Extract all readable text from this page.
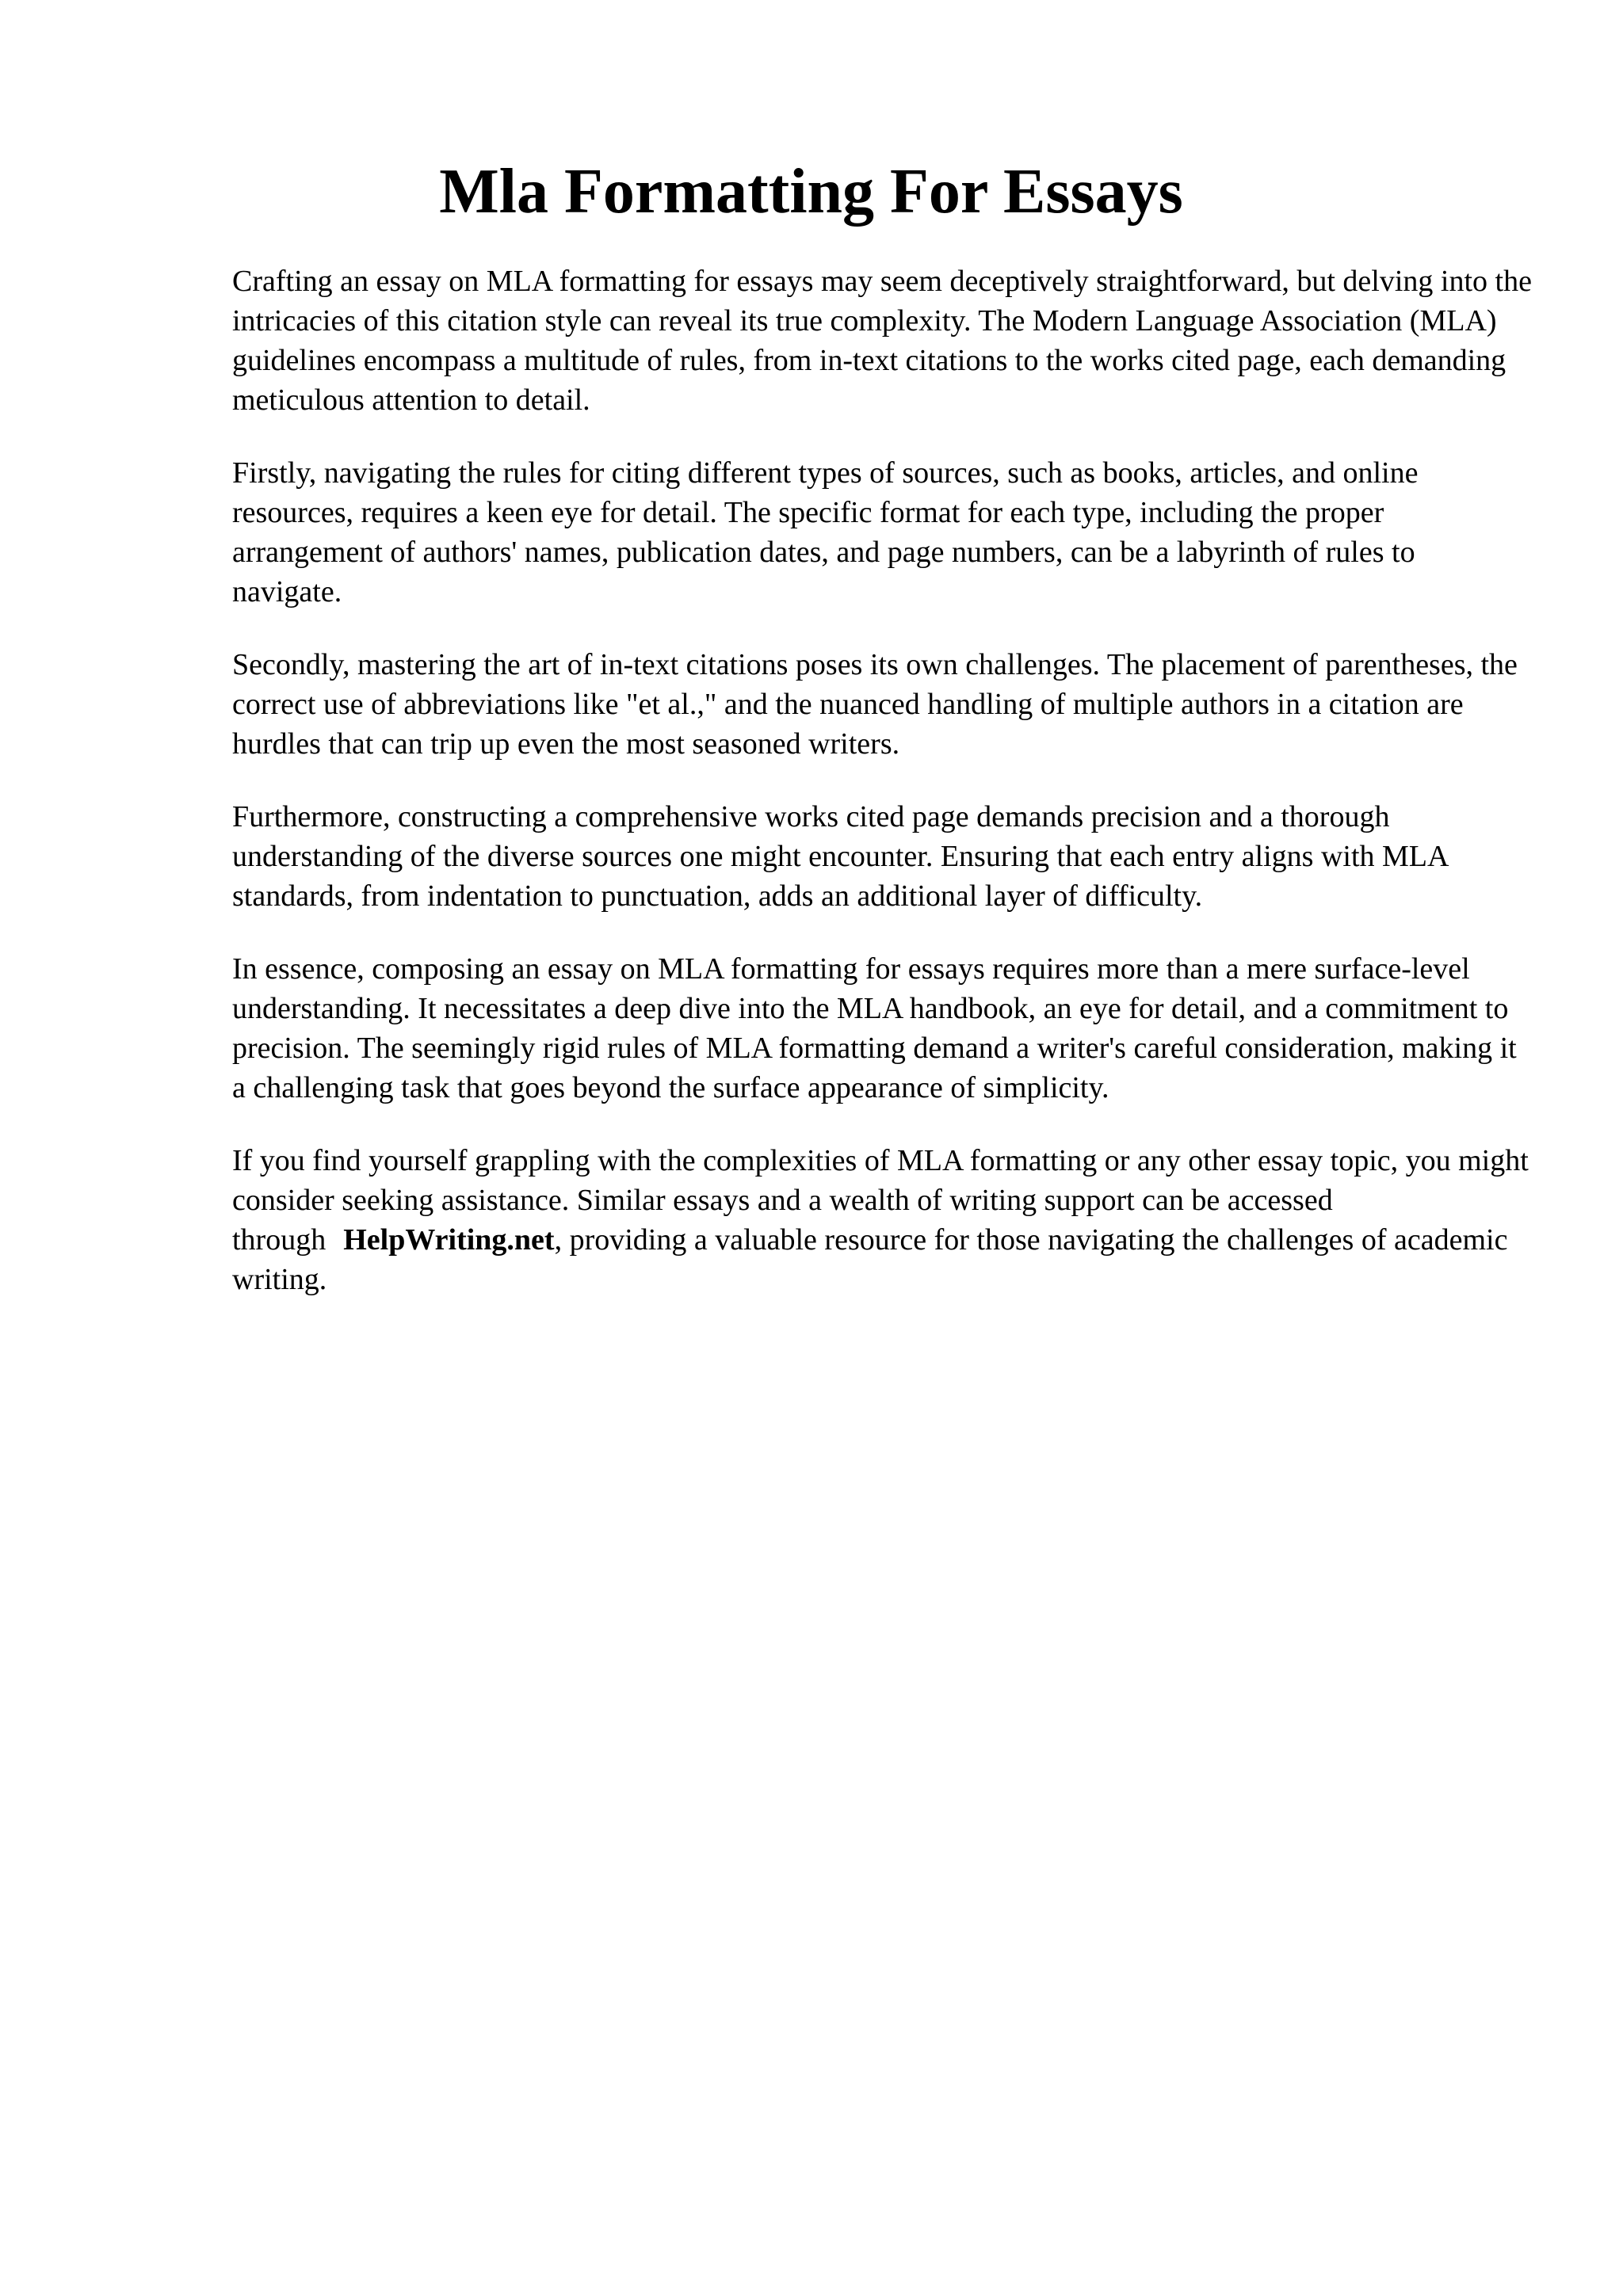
Mla Formatting For Essays

Crafting an essay on MLA formatting for essays may seem deceptively straightforward, but delving into the intricacies of this citation style can reveal its true complexity. The Modern Language Association (MLA) guidelines encompass a multitude of rules, from in-text citations to the works cited page, each demanding meticulous attention to detail.

Firstly, navigating the rules for citing different types of sources, such as books, articles, and online resources, requires a keen eye for detail. The specific format for each type, including the proper arrangement of authors' names, publication dates, and page numbers, can be a labyrinth of rules to navigate.

Secondly, mastering the art of in-text citations poses its own challenges. The placement of parentheses, the correct use of abbreviations like "et al.," and the nuanced handling of multiple authors in a citation are hurdles that can trip up even the most seasoned writers.

Furthermore, constructing a comprehensive works cited page demands precision and a thorough understanding of the diverse sources one might encounter. Ensuring that each entry aligns with MLA standards, from indentation to punctuation, adds an additional layer of difficulty.

In essence, composing an essay on MLA formatting for essays requires more than a mere surface-level understanding. It necessitates a deep dive into the MLA handbook, an eye for detail, and a commitment to precision. The seemingly rigid rules of MLA formatting demand a writer's careful consideration, making it a challenging task that goes beyond the surface appearance of simplicity.

If you find yourself grappling with the complexities of MLA formatting or any other essay topic, you might consider seeking assistance. Similar essays and a wealth of writing support can be accessed through HelpWriting.net, providing a valuable resource for those navigating the challenges of academic writing.
